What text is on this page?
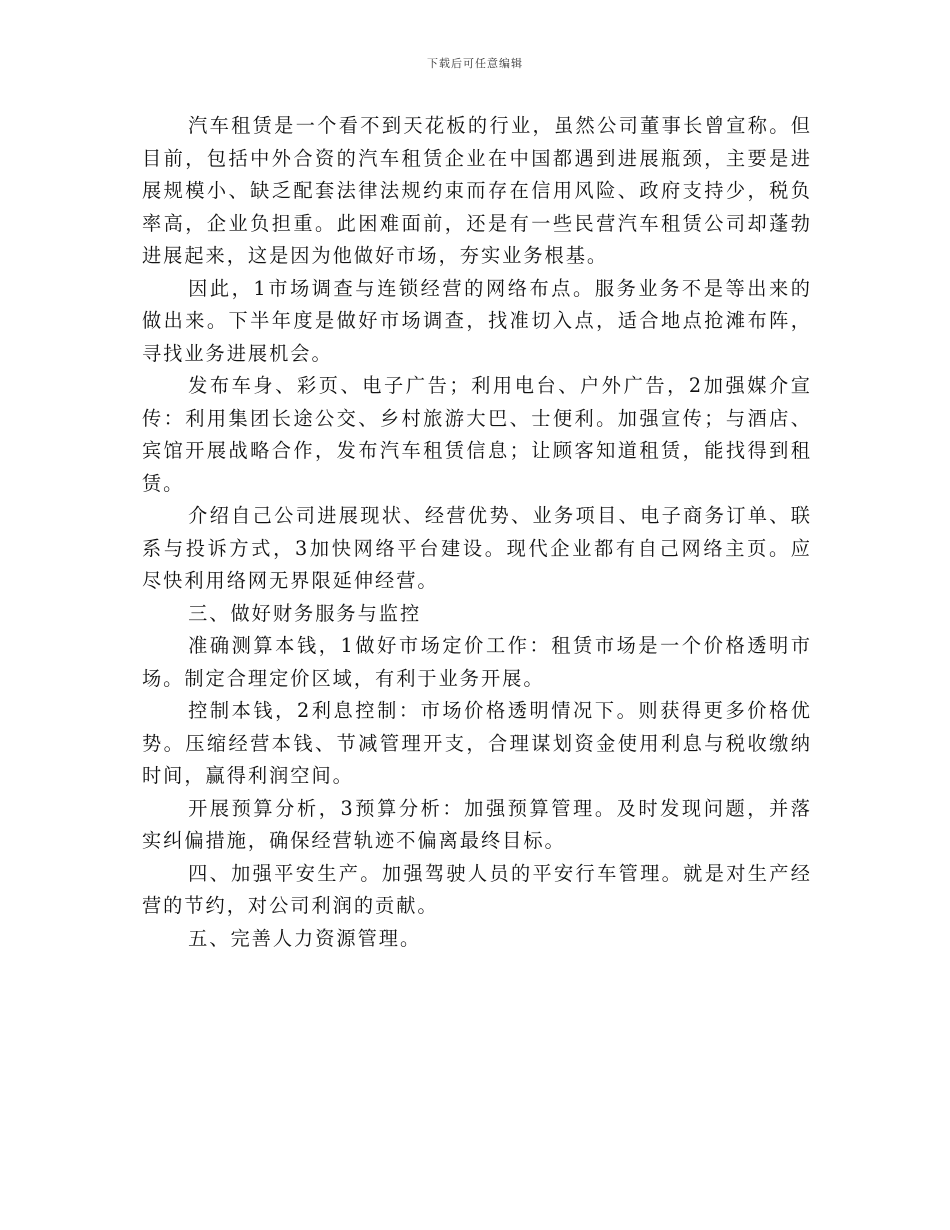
下载后可任意编辑

汽车租赁是一个看不到天花板的行业，虽然公司董事长曾宣称。但目前，包括中外合资的汽车租赁企业在中国都遇到进展瓶颈，主要是进展规模小、缺乏配套法律法规约束而存在信用风险、政府支持少，税负率高，企业负担重。此困难面前，还是有一些民营汽车租赁公司却蓬勃进展起来，这是因为他做好市场，夯实业务根基。

因此，1市场调查与连锁经营的网络布点。服务业务不是等出来的做出来。下半年度是做好市场调查，找准切入点，适合地点抢滩布阵，寻找业务进展机会。

发布车身、彩页、电子广告；利用电台、户外广告，2加强媒介宣传：利用集团长途公交、乡村旅游大巴、士便利。加强宣传；与酒店、宾馆开展战略合作，发布汽车租赁信息；让顾客知道租赁，能找得到租赁。

介绍自己公司进展现状、经营优势、业务项目、电子商务订单、联系与投诉方式，3加快网络平台建设。现代企业都有自己网络主页。应尽快利用络网无界限延伸经营。

三、做好财务服务与监控

准确测算本钱，1做好市场定价工作：租赁市场是一个价格透明市场。制定合理定价区域，有利于业务开展。

控制本钱，2利息控制：市场价格透明情况下。则获得更多价格优势。压缩经营本钱、节减管理开支，合理谋划资金使用利息与税收缴纳时间，赢得利润空间。

开展预算分析，3预算分析：加强预算管理。及时发现问题，并落实纠偏措施，确保经营轨迹不偏离最终目标。

四、加强平安生产。加强驾驶人员的平安行车管理。就是对生产经营的节约，对公司利润的贡献。

五、完善人力资源管理。
